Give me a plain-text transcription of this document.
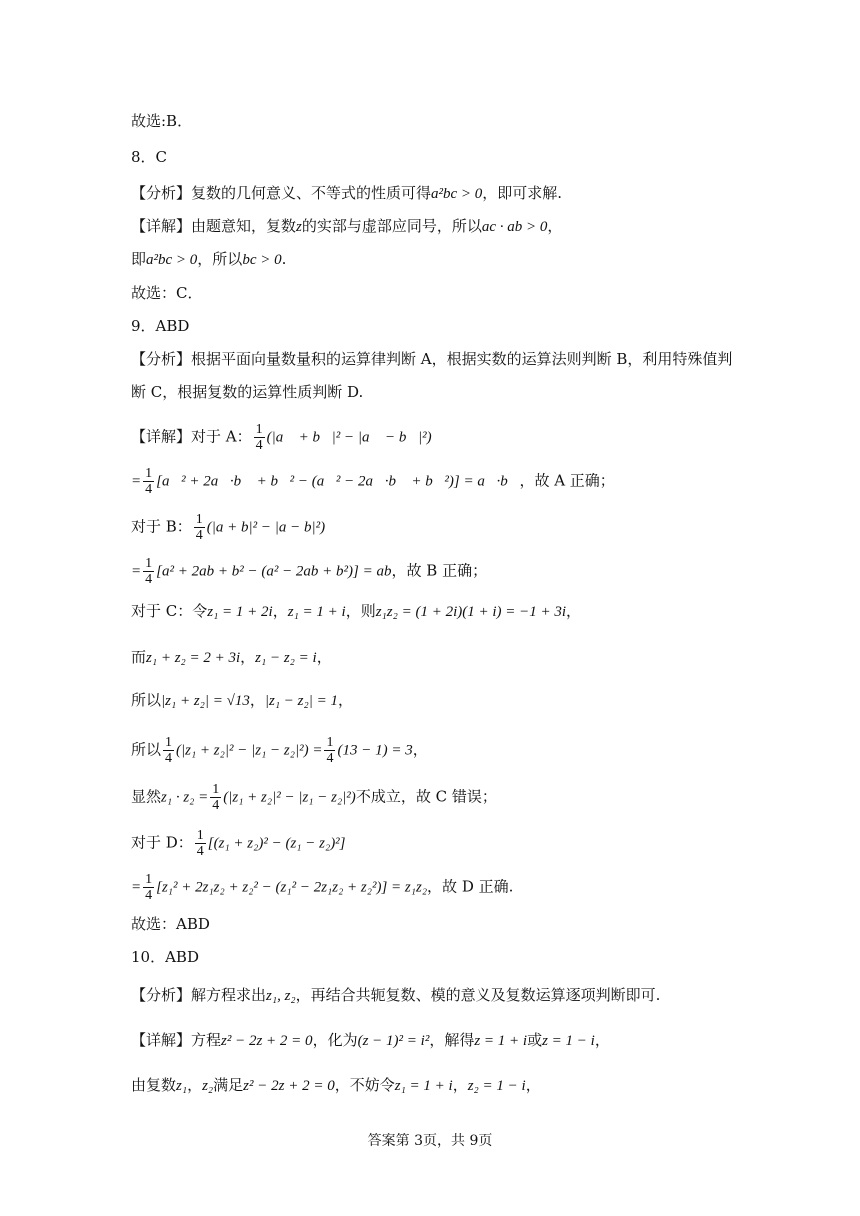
故选:B．
8．C
【分析】复数的几何意义、不等式的性质可得a²bc > 0，即可求解.
【详解】由题意知，复数z的实部与虚部应同号，所以ac · ab > 0，
即a²bc > 0，所以bc > 0.
故选：C．
9．ABD
【分析】根据平面向量数量积的运算律判断 A，根据实数的运算法则判断 B，利用特殊值判
断 C，根据复数的运算性质判断 D.
【详解】对于 A： $\frac{1}{4}$ (|a⃗ + b⃗|² − |a⃗ − b⃗|²)
= $\frac{1}{4}$ [a⃗² + 2a⃗·b⃗ + b⃗² − (a⃗² − 2a⃗·b⃗ + b⃗²)] = a⃗·b⃗，故 A 正确；
对于 B： $\frac{1}{4} (|a + b|^2 - |a - b|^2)$
= $\frac{1}{4} [a^2 + 2ab + b^2 - (a^2 - 2ab + b^2)]$ = ab，故 B 正确；
对于 C：令z₁ = 1 + 2i，z₁ = 1 + i，则z₁z₂ = (1 + 2i)(1 + i) = −1 + 3i，
而z₁ + z₂ = 2 + 3i，z₁ − z₂ = i，
所以|z₁ + z₂| = √13，|z₁ − z₂| = 1，
所以 $\frac{1}{4} (|z_1 + z_2|^2 - |z_1 - z_2|^2) = \frac{1}{4} (13 - 1) = 3$，
显然$z_1 \cdot z_2 = \frac{1}{4} (|z_1 + z_2|^2 - |z_1 - z_2|^2)$不成立，故 C 错误；
对于 D： $\frac{1}{4} [(z_1 + z_2)^2 - (z_1 - z_2)^2]$
= $\frac{1}{4} [z_1^2 + 2z_1z_2 + z_2^2 - (z_1^2 - 2z_1z_2 + z_2^2)] = z_1z_2$，故 D 正确.
故选：ABD
10．ABD
【分析】解方程求出z₁, z₂，再结合共轭复数、模的意义及复数运算逐项判断即可.
【详解】方程z² − 2z + 2 = 0，化为(z − 1)² = i²，解得z = 1 + i或z = 1 − i，
由复数z₁，z₂满足z² − 2z + 2 = 0，不妨令z₁ = 1 + i，z₂ = 1 − i，
答案第 3页，共 9页
